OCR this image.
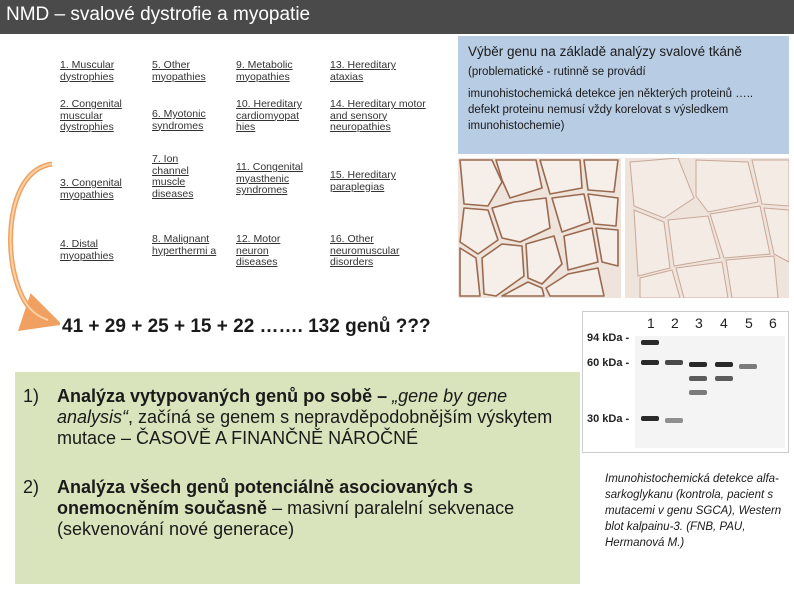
NMD – svalové dystrofie a myopatie
1. Muscular dystrophies
2. Congenital muscular dystrophies
3. Congenital myopathies
4. Distal myopathies
5. Other myopathies
6. Myotonic syndromes
7. Ion channel muscle diseases
8. Malignant hyperthermi a
9. Metabolic myopathies
10. Hereditary cardiomyopat hies
11. Congenital myasthenic syndromes
12. Motor neuron diseases
13. Hereditary ataxias
14. Hereditary motor and sensory neuropathies
15. Hereditary paraplegias
16. Other neuromuscular disorders
Výběr genu na základě analýzy svalové tkáně (problematické - rutinně se provádí
imunohistochemická detekce jen některých proteinů ….. defekt proteinu nemusí vždy korelovat s výsledkem imunohistochemie)
41 + 29 + 25 + 15 + 22 ……. 132 genů ???
1) Analýza vytypovaných genů po sobě – „gene by gene analysis“, začíná se genem s nepravděpodobnějším výskytem mutace – ČASOVĚ A FINANČNĚ NÁROČNÉ
2) Analýza všech genů potenciálně asociovaných s onemocněním současně – masivní paralelní sekvenace (sekvenování nové generace)
1 2 3 4 5 6
94 kDa -
60 kDa -
30 kDa -
Imunohistochemická detekce alfa-sarkoglykanu (kontrola, pacient s mutacemi v genu SGCA), Western blot kalpainu-3. (FNB, PAU, Hermanová M.)
